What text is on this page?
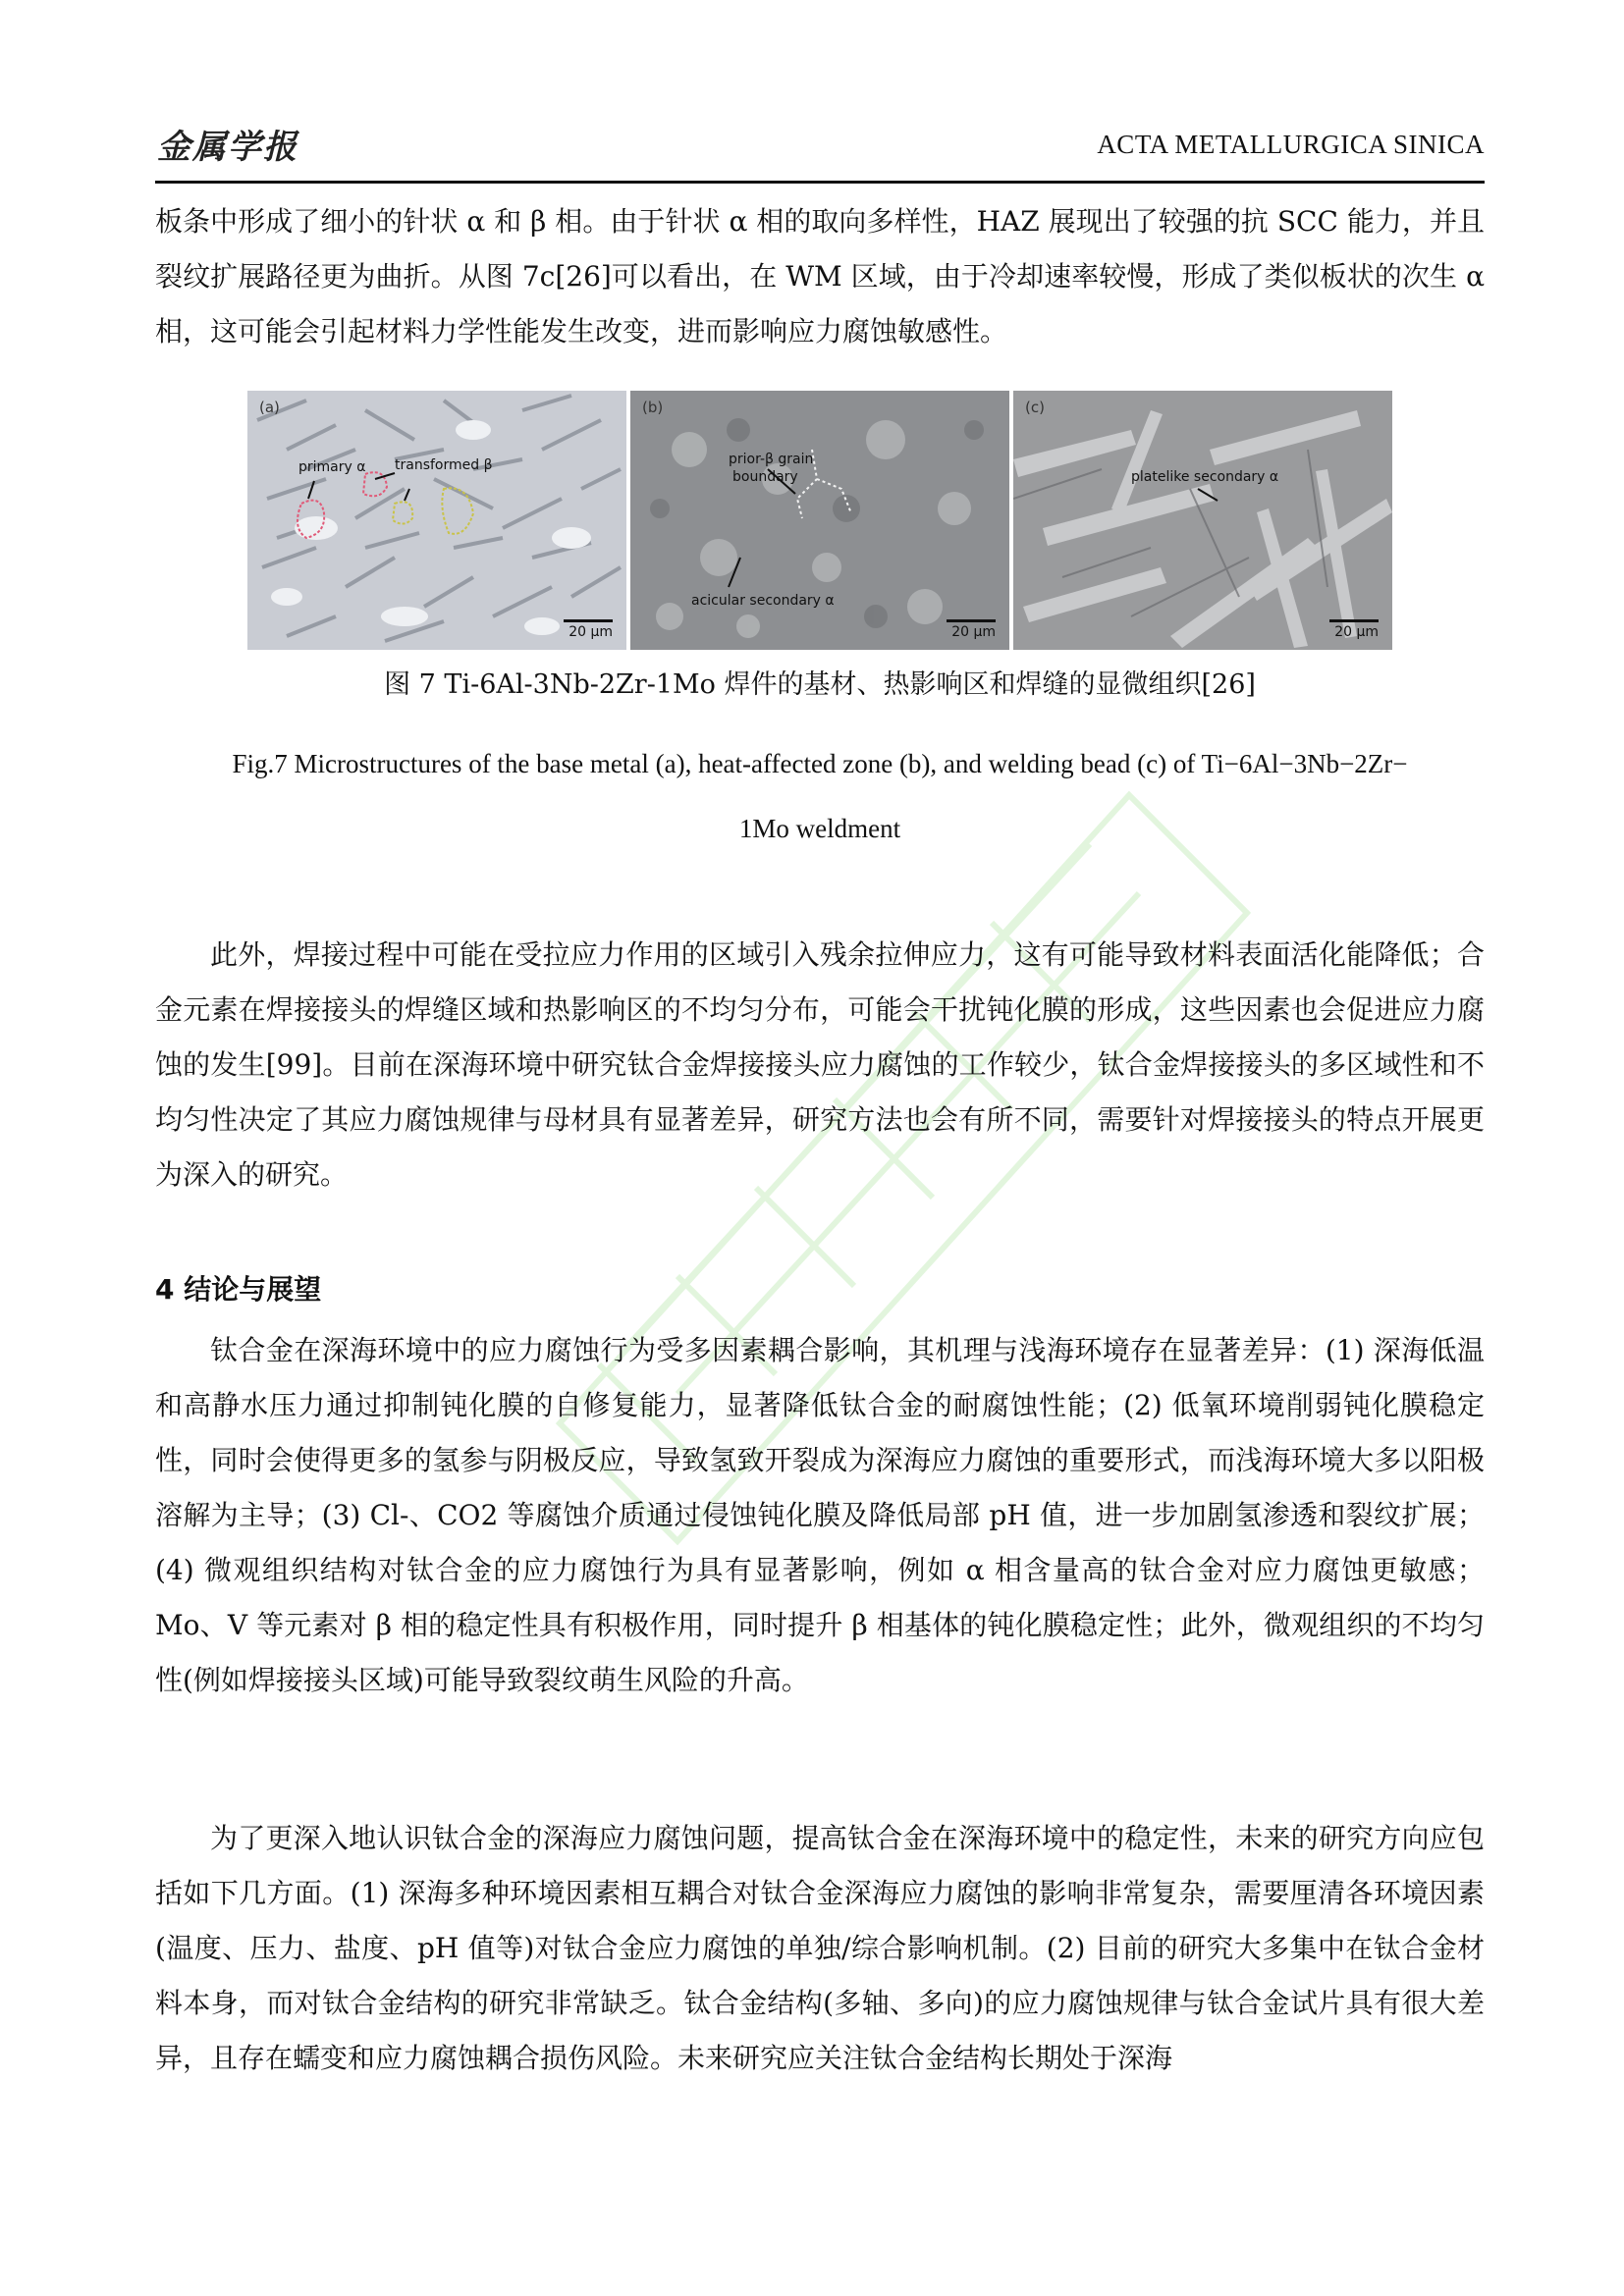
金属学报	ACTA METALLURGICA SINICA

板条中形成了细小的针状 α 和 β 相。由于针状 α 相的取向多样性，HAZ 展现出了较强的抗 SCC 能力，并且裂纹扩展路径更为曲折。从图 7c[26]可以看出，在 WM 区域，由于冷却速率较慢，形成了类似板状的次生 α 相，这可能会引起材料力学性能发生改变，进而影响应力腐蚀敏感性。

(a)
primary α transformed β
20 μm
(b)
prior-β grain
boundary
acicular secondary α
20 μm
(c)
platelike secondary α
20 μm

图 7 Ti-6Al-3Nb-2Zr-1Mo 焊件的基材、热影响区和焊缝的显微组织[26]

Fig.7 Microstructures of the base metal (a), heat-affected zone (b), and welding bead (c) of Ti−6Al−3Nb−2Zr−
1Mo weldment

此外，焊接过程中可能在受拉应力作用的区域引入残余拉伸应力，这有可能导致材料表面活化能降低；合金元素在焊接接头的焊缝区域和热影响区的不均匀分布，可能会干扰钝化膜的形成，这些因素也会促进应力腐蚀的发生[99]。目前在深海环境中研究钛合金焊接接头应力腐蚀的工作较少，钛合金焊接接头的多区域性和不均匀性决定了其应力腐蚀规律与母材具有显著差异，研究方法也会有所不同，需要针对焊接接头的特点开展更为深入的研究。

4 结论与展望

钛合金在深海环境中的应力腐蚀行为受多因素耦合影响，其机理与浅海环境存在显著差异：(1) 深海低温和高静水压力通过抑制钝化膜的自修复能力，显著降低钛合金的耐腐蚀性能；(2) 低氧环境削弱钝化膜稳定性，同时会使得更多的氢参与阴极反应，导致氢致开裂成为深海应力腐蚀的重要形式，而浅海环境大多以阳极溶解为主导；(3) Cl-、CO2 等腐蚀介质通过侵蚀钝化膜及降低局部 pH 值，进一步加剧氢渗透和裂纹扩展；(4) 微观组织结构对钛合金的应力腐蚀行为具有显著影响，例如 α 相含量高的钛合金对应力腐蚀更敏感；Mo、V 等元素对 β 相的稳定性具有积极作用，同时提升 β 相基体的钝化膜稳定性；此外，微观组织的不均匀性(例如焊接接头区域)可能导致裂纹萌生风险的升高。

为了更深入地认识钛合金的深海应力腐蚀问题，提高钛合金在深海环境中的稳定性，未来的研究方向应包括如下几方面。(1) 深海多种环境因素相互耦合对钛合金深海应力腐蚀的影响非常复杂，需要厘清各环境因素(温度、压力、盐度、pH 值等)对钛合金应力腐蚀的单独/综合影响机制。(2) 目前的研究大多集中在钛合金材料本身，而对钛合金结构的研究非常缺乏。钛合金结构(多轴、多向)的应力腐蚀规律与钛合金试片具有很大差异，且存在蠕变和应力腐蚀耦合损伤风险。未来研究应关注钛合金结构长期处于深海
